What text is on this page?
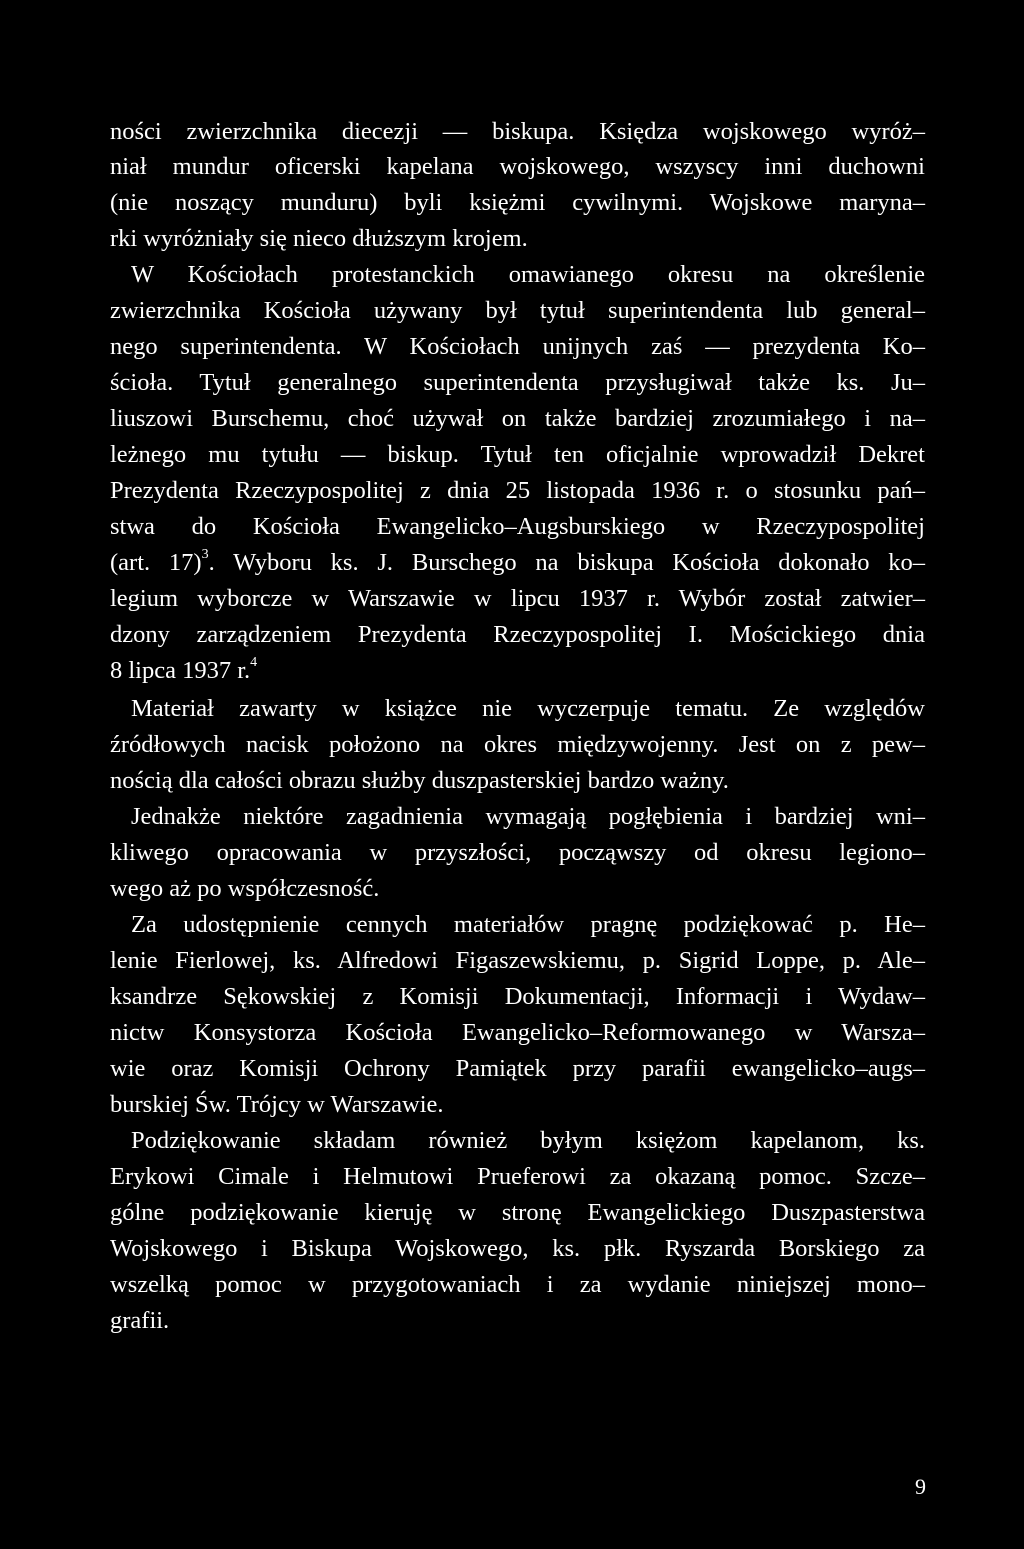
ności zwierzchnika diecezji — biskupa. Księdza wojskowego wyróż–
niał mundur oficerski kapelana wojskowego, wszyscy inni duchowni
(nie noszący munduru) byli księżmi cywilnymi. Wojskowe maryna–
rki wyróżniały się nieco dłuższym krojem.
W Kościołach protestanckich omawianego okresu na określenie
zwierzchnika Kościoła używany był tytuł superintendenta lub general–
nego superintendenta. W Kościołach unijnych zaś — prezydenta Ko–
ścioła. Tytuł generalnego superintendenta przysługiwał także ks. Ju–
liuszowi Burschemu, choć używał on także bardziej zrozumiałego i na–
leżnego mu tytułu — biskup. Tytuł ten oficjalnie wprowadził Dekret
Prezydenta Rzeczypospolitej z dnia 25 listopada 1936 r. o stosunku pań–
stwa do Kościoła Ewangelicko–Augsburskiego w Rzeczypospolitej
(art. 17)$^3$. Wyboru ks. J. Burschego na biskupa Kościoła dokonało ko–
legium wyborcze w Warszawie w lipcu 1937 r. Wybór został zatwier–
dzony zarządzeniem Prezydenta Rzeczypospolitej I. Mościckiego dnia
8 lipca 1937 r.$^4$
Materiał zawarty w książce nie wyczerpuje tematu. Ze względów
źródłowych nacisk położono na okres międzywojenny. Jest on z pew–
nością dla całości obrazu służby duszpasterskiej bardzo ważny.
Jednakże niektóre zagadnienia wymagają pogłębienia i bardziej wni–
kliwego opracowania w przyszłości, począwszy od okresu legiono–
wego aż po współczesność.
Za udostępnienie cennych materiałów pragnę podziękować p. He–
lenie Fierlowej, ks. Alfredowi Figaszewskiemu, p. Sigrid Loppe, p. Ale–
ksandrze Sękowskiej z Komisji Dokumentacji, Informacji i Wydaw–
nictw Konsystorza Kościoła Ewangelicko–Reformowanego w Warsza–
wie oraz Komisji Ochrony Pamiątek przy parafii ewangelicko–augs–
burskiej Św. Trójcy w Warszawie.
Podziękowanie składam również byłym księżom kapelanom, ks.
Erykowi Cimale i Helmutowi Prueferowi za okazaną pomoc. Szcze–
gólne podziękowanie kieruję w stronę Ewangelickiego Duszpasterstwa
Wojskowego i Biskupa Wojskowego, ks. płk. Ryszarda Borskiego za
wszelką pomoc w przygotowaniach i za wydanie niniejszej mono–
grafii.
9
